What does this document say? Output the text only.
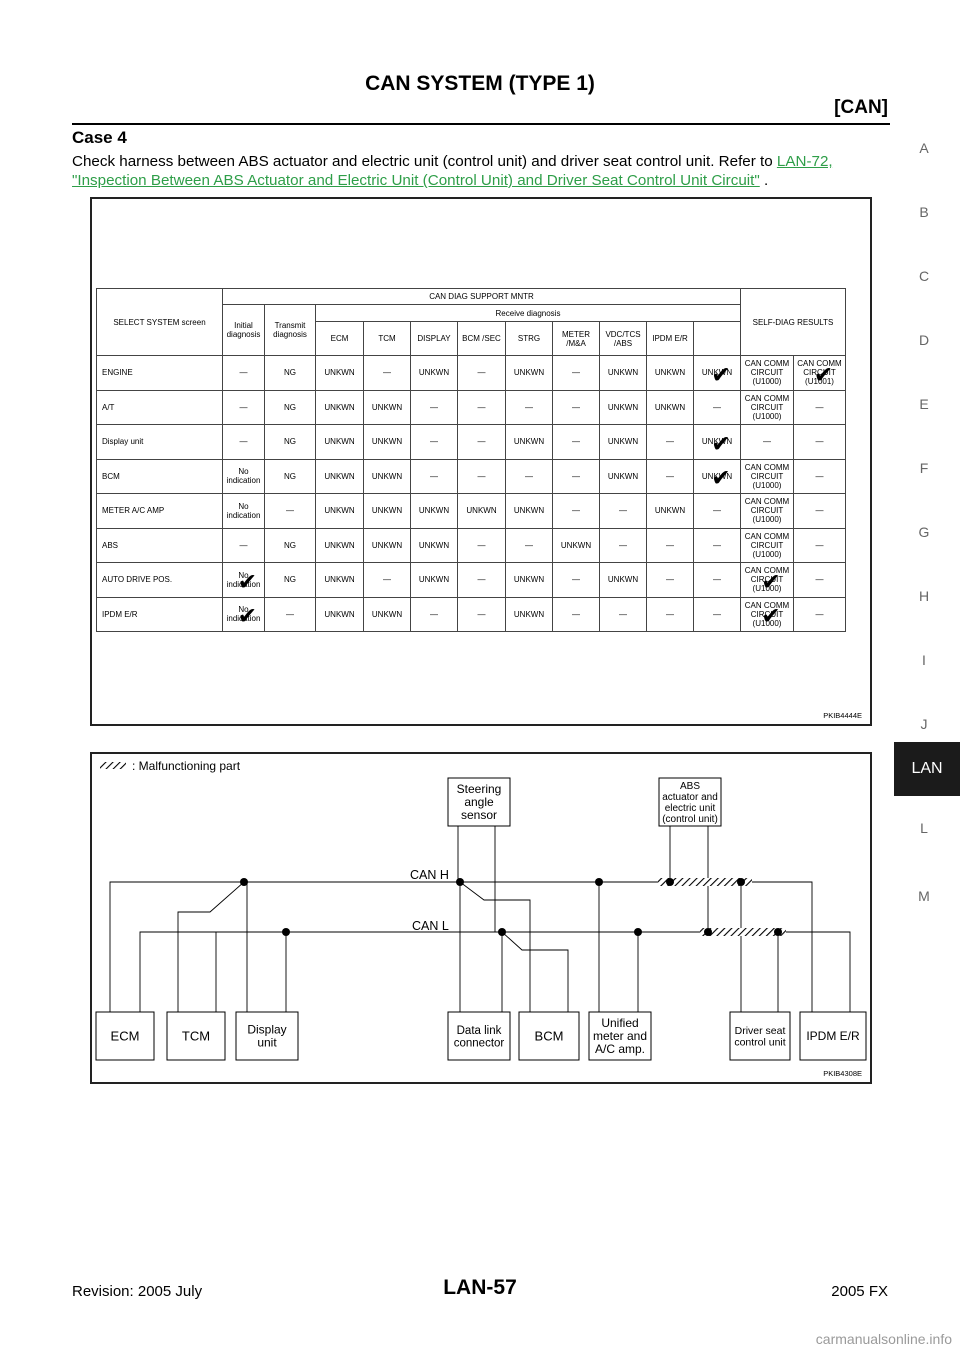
CAN SYSTEM (TYPE 1)
[CAN]
Case 4
Check harness between ABS actuator and electric unit (control unit) and driver seat control unit. Refer to LAN-72, "Inspection Between ABS Actuator and Electric Unit (Control Unit) and Driver Seat Control Unit Circuit" .
A
B
C
D
E
F
G
H
I
J
L
M
LAN
SELECT SYSTEM screen	CAN DIAG SUPPORT MNTR											SELF-DIAG RESULTS	
	Initial diagnosis	Transmit diagnosis	Receive diagnosis										
			ECM	TCM	DISPLAY	BCM /SEC	STRG	METER /M&A	VDC/TCS /ABS	IPDM E/R			
ENGINE	—	NG	UNKWN	—	UNKWN	—	UNKWN	—	UNKWN	UNKWN	UNKWN ✔	CAN COMM CIRCUIT (U1000)	CAN COMM CIRCUIT (U1001) ✔
A/T	—	NG	UNKWN	UNKWN	—	—	—	—	UNKWN	UNKWN	—	CAN COMM CIRCUIT (U1000)	—
Display unit	—	NG	UNKWN	UNKWN	—	—	UNKWN	—	UNKWN	—	UNKWN ✔	—	—
BCM	No indication	NG	UNKWN	UNKWN	—	—	—	—	UNKWN	—	UNKWN ✔	CAN COMM CIRCUIT (U1000)	—
METER A/C AMP	No indication	—	UNKWN	UNKWN	UNKWN	UNKWN	UNKWN	—	—	UNKWN	—	CAN COMM CIRCUIT (U1000)	—
ABS	—	NG	UNKWN	UNKWN	UNKWN	—	—	UNKWN	—	—	—	CAN COMM CIRCUIT (U1000)	—
AUTO DRIVE POS.	No indication ✔	NG	UNKWN	—	UNKWN	—	UNKWN	—	UNKWN	—	—	CAN COMM CIRCUIT (U1000) ✔	—
IPDM E/R	No indication ✔	—	UNKWN	UNKWN	—	—	UNKWN	—	—	—	—	CAN COMM CIRCUIT (U1000) ✔	—
PKIB4444E
: Malfunctioning part
CAN H
CAN L
Steering
angle
sensor
ABS
actuator and
electric unit
(control unit)
ECM	TCM	Display
unit
Data link
connector BCM
Unified
meter and
A/C amp.
Driver seat
control unit IPDM E/R
PKIB4308E
Revision: 2005 July	LAN-57	2005 FX
carmanualsonline.info
